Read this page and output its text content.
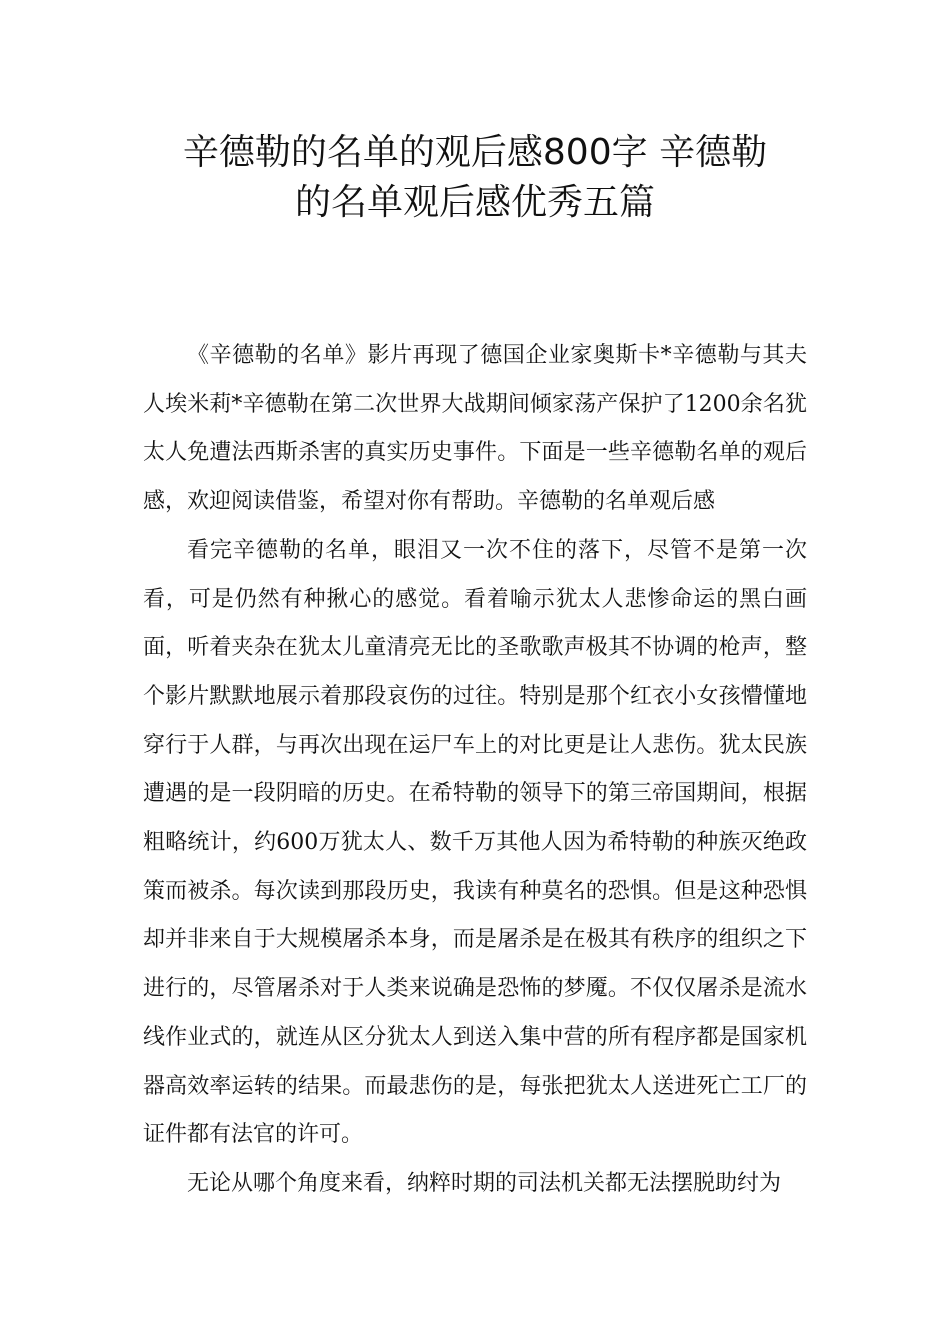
辛德勒的名单的观后感800字 辛德勒
的名单观后感优秀五篇

《辛德勒的名单》影片再现了德国企业家奥斯卡*辛德勒与其夫人埃米莉*辛德勒在第二次世界大战期间倾家荡产保护了1200余名犹太人免遭法西斯杀害的真实历史事件。下面是一些辛德勒名单的观后感，欢迎阅读借鉴，希望对你有帮助。辛德勒的名单观后感

看完辛德勒的名单，眼泪又一次不住的落下，尽管不是第一次看，可是仍然有种揪心的感觉。看着喻示犹太人悲惨命运的黑白画面，听着夹杂在犹太儿童清亮无比的圣歌歌声极其不协调的枪声，整个影片默默地展示着那段哀伤的过往。特别是那个红衣小女孩懵懂地穿行于人群，与再次出现在运尸车上的对比更是让人悲伤。犹太民族遭遇的是一段阴暗的历史。在希特勒的领导下的第三帝国期间，根据粗略统计，约600万犹太人、数千万其他人因为希特勒的种族灭绝政策而被杀。每次读到那段历史，我读有种莫名的恐惧。但是这种恐惧却并非来自于大规模屠杀本身，而是屠杀是在极其有秩序的组织之下进行的，尽管屠杀对于人类来说确是恐怖的梦魇。不仅仅屠杀是流水线作业式的，就连从区分犹太人到送入集中营的所有程序都是国家机器高效率运转的结果。而最悲伤的是，每张把犹太人送进死亡工厂的证件都有法官的许可。

无论从哪个角度来看，纳粹时期的司法机关都无法摆脱助纣为
